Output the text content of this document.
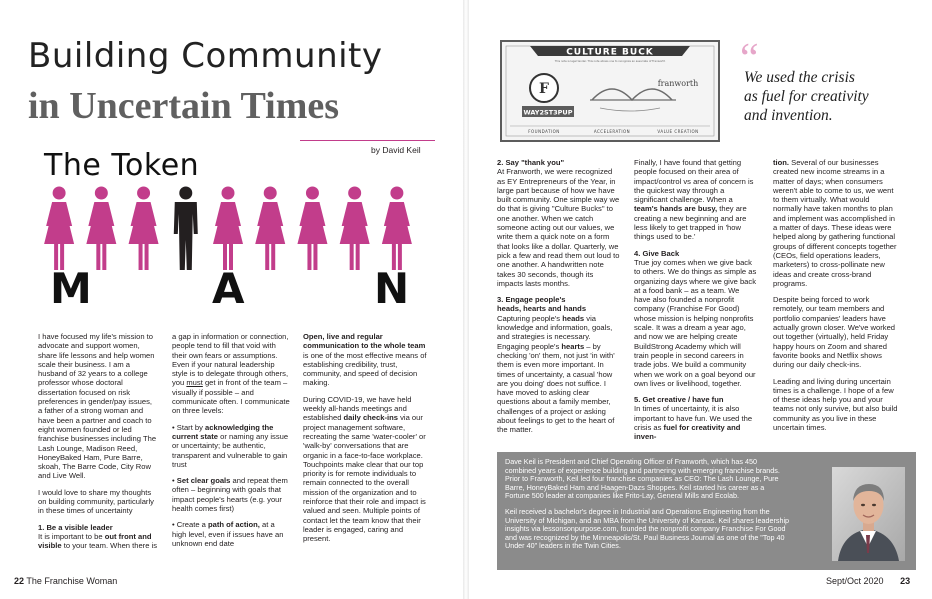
Building Community
in Uncertain Times
by David Keil
The Token
M	A	N

I have focused my life's mission to advocate and support women, share life lessons and help women scale their business. I am a husband of 32 years to a college professor whose doctoral dissertation focused on risk preferences in gender/pay issues, a father of a strong woman and have been a partner and coach to eight women founded or led franchise businesses including The Lash Lounge, Madison Reed, HoneyBaked Ham, Pure Barre, skoah, The Barre Code, City Row and Live Well.

I would love to share my thoughts on building community, particularly in these times of uncertainty

1. Be a visible leader
It is important to be out front and visible to your team. When there is

a gap in information or connection, people tend to fill that void with their own fears or assumptions. Even if your natural leadership style is to delegate through others, you must get in front of the team – visually if possible – and communicate often. I communicate on three levels:

• Start by acknowledging the current state or naming any issue or uncertainty; be authentic, transparent and vulnerable to gain trust

• Set clear goals and repeat them often – beginning with goals that impact people's hearts (e.g. your health comes first)

• Create a path of action, at a high level, even if issues have an unknown end date

Open, live and regular communication to the whole team is one of the most effective means of establishing credibility, trust, community, and speed of decision making.

During COVID-19, we have held weekly all-hands meetings and established daily check-ins via our project management software, recreating the same 'water-cooler' or 'walk-by' conversations that are organic in a face-to-face workplace. Touchpoints make clear that our top priority is for remote individuals to remain connected to the overall mission of the organization and to reinforce that their role and impact is valued and seen. Multiple points of contact let the team know that their leader is engaged, caring and present.

22 The Franchise Woman
CULTURE BUCK
This note is legal tender. This note allows one to recognize an associate of Franworth
F
WAY2ST3PUP
franworth
FOUNDATION	ACCELERATION	VALUE CREATION
“
We used the crisis
as fuel for creativity
and invention.

2. Say "thank you"
At Franworth, we were recognized as EY Entrepreneurs of the Year, in large part because of how we have built community. One simple way we do that is giving "Culture Bucks" to one another. When we catch someone acting out our values, we write them a quick note on a form that looks like a dollar. Quarterly, we pick a few and read them out loud to one another. A handwritten note takes 30 seconds, though its impacts lasts months.

3. Engage people's
heads, hearts and hands
Capturing people's heads via knowledge and information, goals, and strategies is necessary. Engaging people's hearts – by checking 'on' them, not just 'in with' them is even more important. In times of uncertainty, a casual 'how are you doing' does not suffice. I have moved to asking clear questions about a family member, challenges of a project or asking about feelings to get to the heart of the matter.

Finally, I have found that getting people focused on their area of impact/control vs area of concern is the quickest way through a significant challenge. When a team's hands are busy, they are creating a new beginning and are less likely to get trapped in 'how things used to be.'

4. Give Back
True joy comes when we give back to others. We do things as simple as organizing days where we give back at a food bank – as a team. We have also founded a nonprofit company (Franchise For Good) whose mission is helping nonprofits scale. It was a dream a year ago, and now we are helping create BuildStrong Academy which will train people in second careers in trade jobs. We build a community when we work on a goal beyond our own lives or livelihood, together.

5. Get creative / have fun
In times of uncertainty, it is also important to have fun. We used the crisis as fuel for creativity and inven-

tion. Several of our businesses created new income streams in a matter of days; when consumers weren't able to come to us, we went to them virtually. What would normally have taken months to plan and implement was accomplished in a matter of days. These ideas were helped along by gathering functional groups of different concepts together (CEOs, field operations leaders, marketers) to cross-pollinate new ideas and create cross-brand programs.

Despite being forced to work remotely, our team members and portfolio companies' leaders have actually grown closer. We've worked out together (virtually), held Friday happy hours on Zoom and shared favorite books and Netflix shows during our daily check-ins.

Leading and living during uncertain times is a challenge. I hope of a few of these ideas help you and your teams not only survive, but also build community as you live in these uncertain times.

Dave Keil is President and Chief Operating Officer of Franworth, which has 450 combined years of experience building and partnering with emerging franchise brands. Prior to Franworth, Keil led four franchise companies as CEO: The Lash Lounge, Pure Barre, HoneyBaked Ham and Haagen-Dazs Shoppes. Keil started his career as a Fortune 500 leader at companies like Frito-Lay, General Mills and Ecolab.

Keil received a bachelor's degree in Industrial and Operations Engineering from the University of Michigan, and an MBA from the University of Kansas. Keil shares leadership insights via lessonsonpurpose.com, founded the nonprofit company Franchise For Good and was recognized by the Minneapolis/St. Paul Business Journal as one of the "Top 40 Under 40" leaders in the Twin Cities.

Sept/Oct 2020 23
